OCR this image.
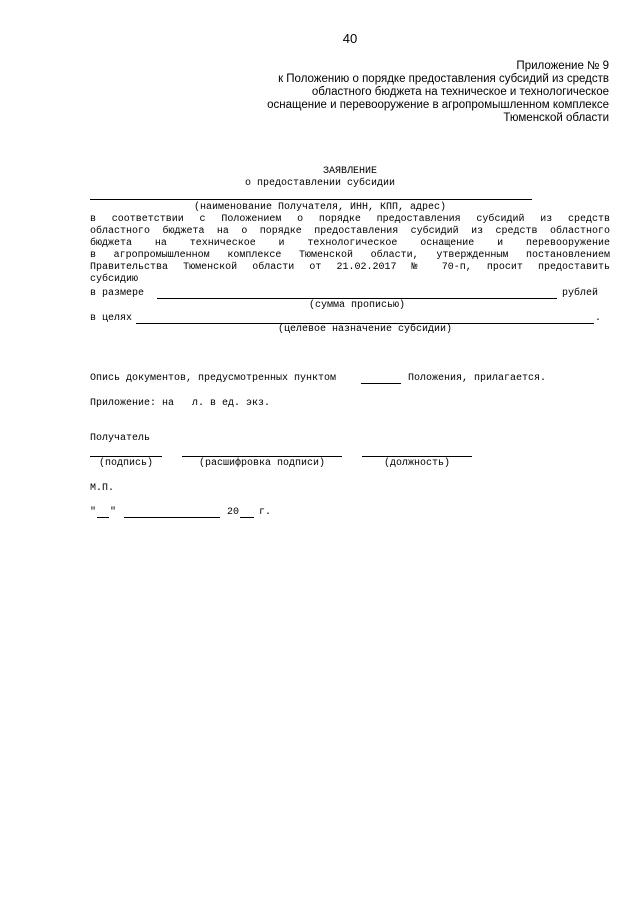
40
Приложение № 9
к Положению о порядке предоставления субсидий из средств
областного бюджета на техническое и технологическое
оснащение и перевооружение в агропромышленном комплексе
Тюменской области
ЗАЯВЛЕНИЕ
о предоставлении субсидии
(наименование Получателя, ИНН, КПП, адрес)
в соответствии с Положением о порядке предоставления субсидий из средств
областного бюджета на о порядке предоставления субсидий из средств областного
бюджета на техническое и технологическое оснащение и перевооружение
в агропромышленном комплексе Тюменской области, утвержденным постановлением
Правительства Тюменской области от 21.02.2017 № 70-п, просит предоставить
субсидию
в размере	рублей
(сумма прописью)
в целях	.
(целевое назначение субсидии)
Опись документов, предусмотренных пунктом	Положения, прилагается.
Приложение: на   л. в ед. экз.
Получатель
(подпись)	(расшифровка подписи)	(должность)
М.П.
" "	20 г.
